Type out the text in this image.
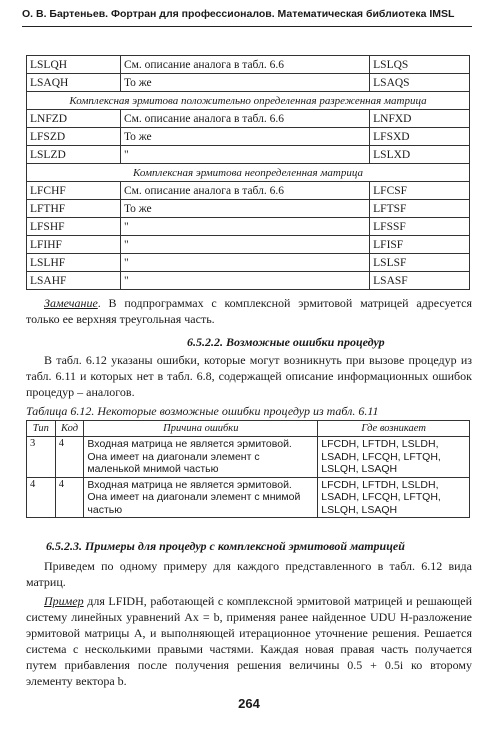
О. В. Бартеньев. Фортран для профессионалов. Математическая библиотека IMSL
LSLQH	См. описание аналога в табл. 6.6	LSLQS
LSAQH	То же	LSAQS
Комплексная эрмитова положительно определенная разреженная матрица		
LNFZD	См. описание аналога в табл. 6.6	LNFXD
LFSZD	То же	LFSXD
LSLZD	"	LSLXD
Комплексная эрмитова неопределенная матрица		
LFCHF	См. описание аналога в табл. 6.6	LFCSF
LFTHF	То же	LFTSF
LFSHF	"	LFSSF
LFIHF	"	LFISF
LSLHF	"	LSLSF
LSAHF	"	LSASF
Замечание. В подпрограммах с комплексной эрмитовой матрицей адресуется только ее верхняя треугольная часть.
6.5.2.2. Возможные ошибки процедур
В табл. 6.12 указаны ошибки, которые могут возникнуть при вызове процедур из табл. 6.11 и которых нет в табл. 6.8, содержащей описание информационных ошибок процедур – аналогов.
Таблица 6.12. Некоторые возможные ошибки процедур из табл. 6.11
Тип	Код	Причина ошибки	Где возникает
3	4	Входная матрица не является эрмитовой. Она имеет на диагонали элемент с маленькой мнимой частью	LFCDH, LFTDH, LSLDH,
LSADH, LFCQH, LFTQH,
LSLQH, LSAQH
4	4	Входная матрица не является эрмитовой. Она имеет на диагонали элемент с мнимой частью	LFCDH, LFTDH, LSLDH,
LSADH, LFCQH, LFTQH,
LSLQH, LSAQH
6.5.2.3. Примеры для процедур с комплексной эрмитовой матрицей
Приведем по одному примеру для каждого представленного в табл. 6.12 вида матриц.
Пример для LFIDH, работающей с комплексной эрмитовой матрицей и решающей систему линейных уравнений Ax = b, применяя ранее найденное UDU H-разложение эрмитовой матрицы A, и выполняющей итерационное уточнение решения. Решается система с несколькими правыми частями. Каждая новая правая часть получается путем прибавления после получения решения величины 0.5 + 0.5i ко второму элементу вектора b.
264
